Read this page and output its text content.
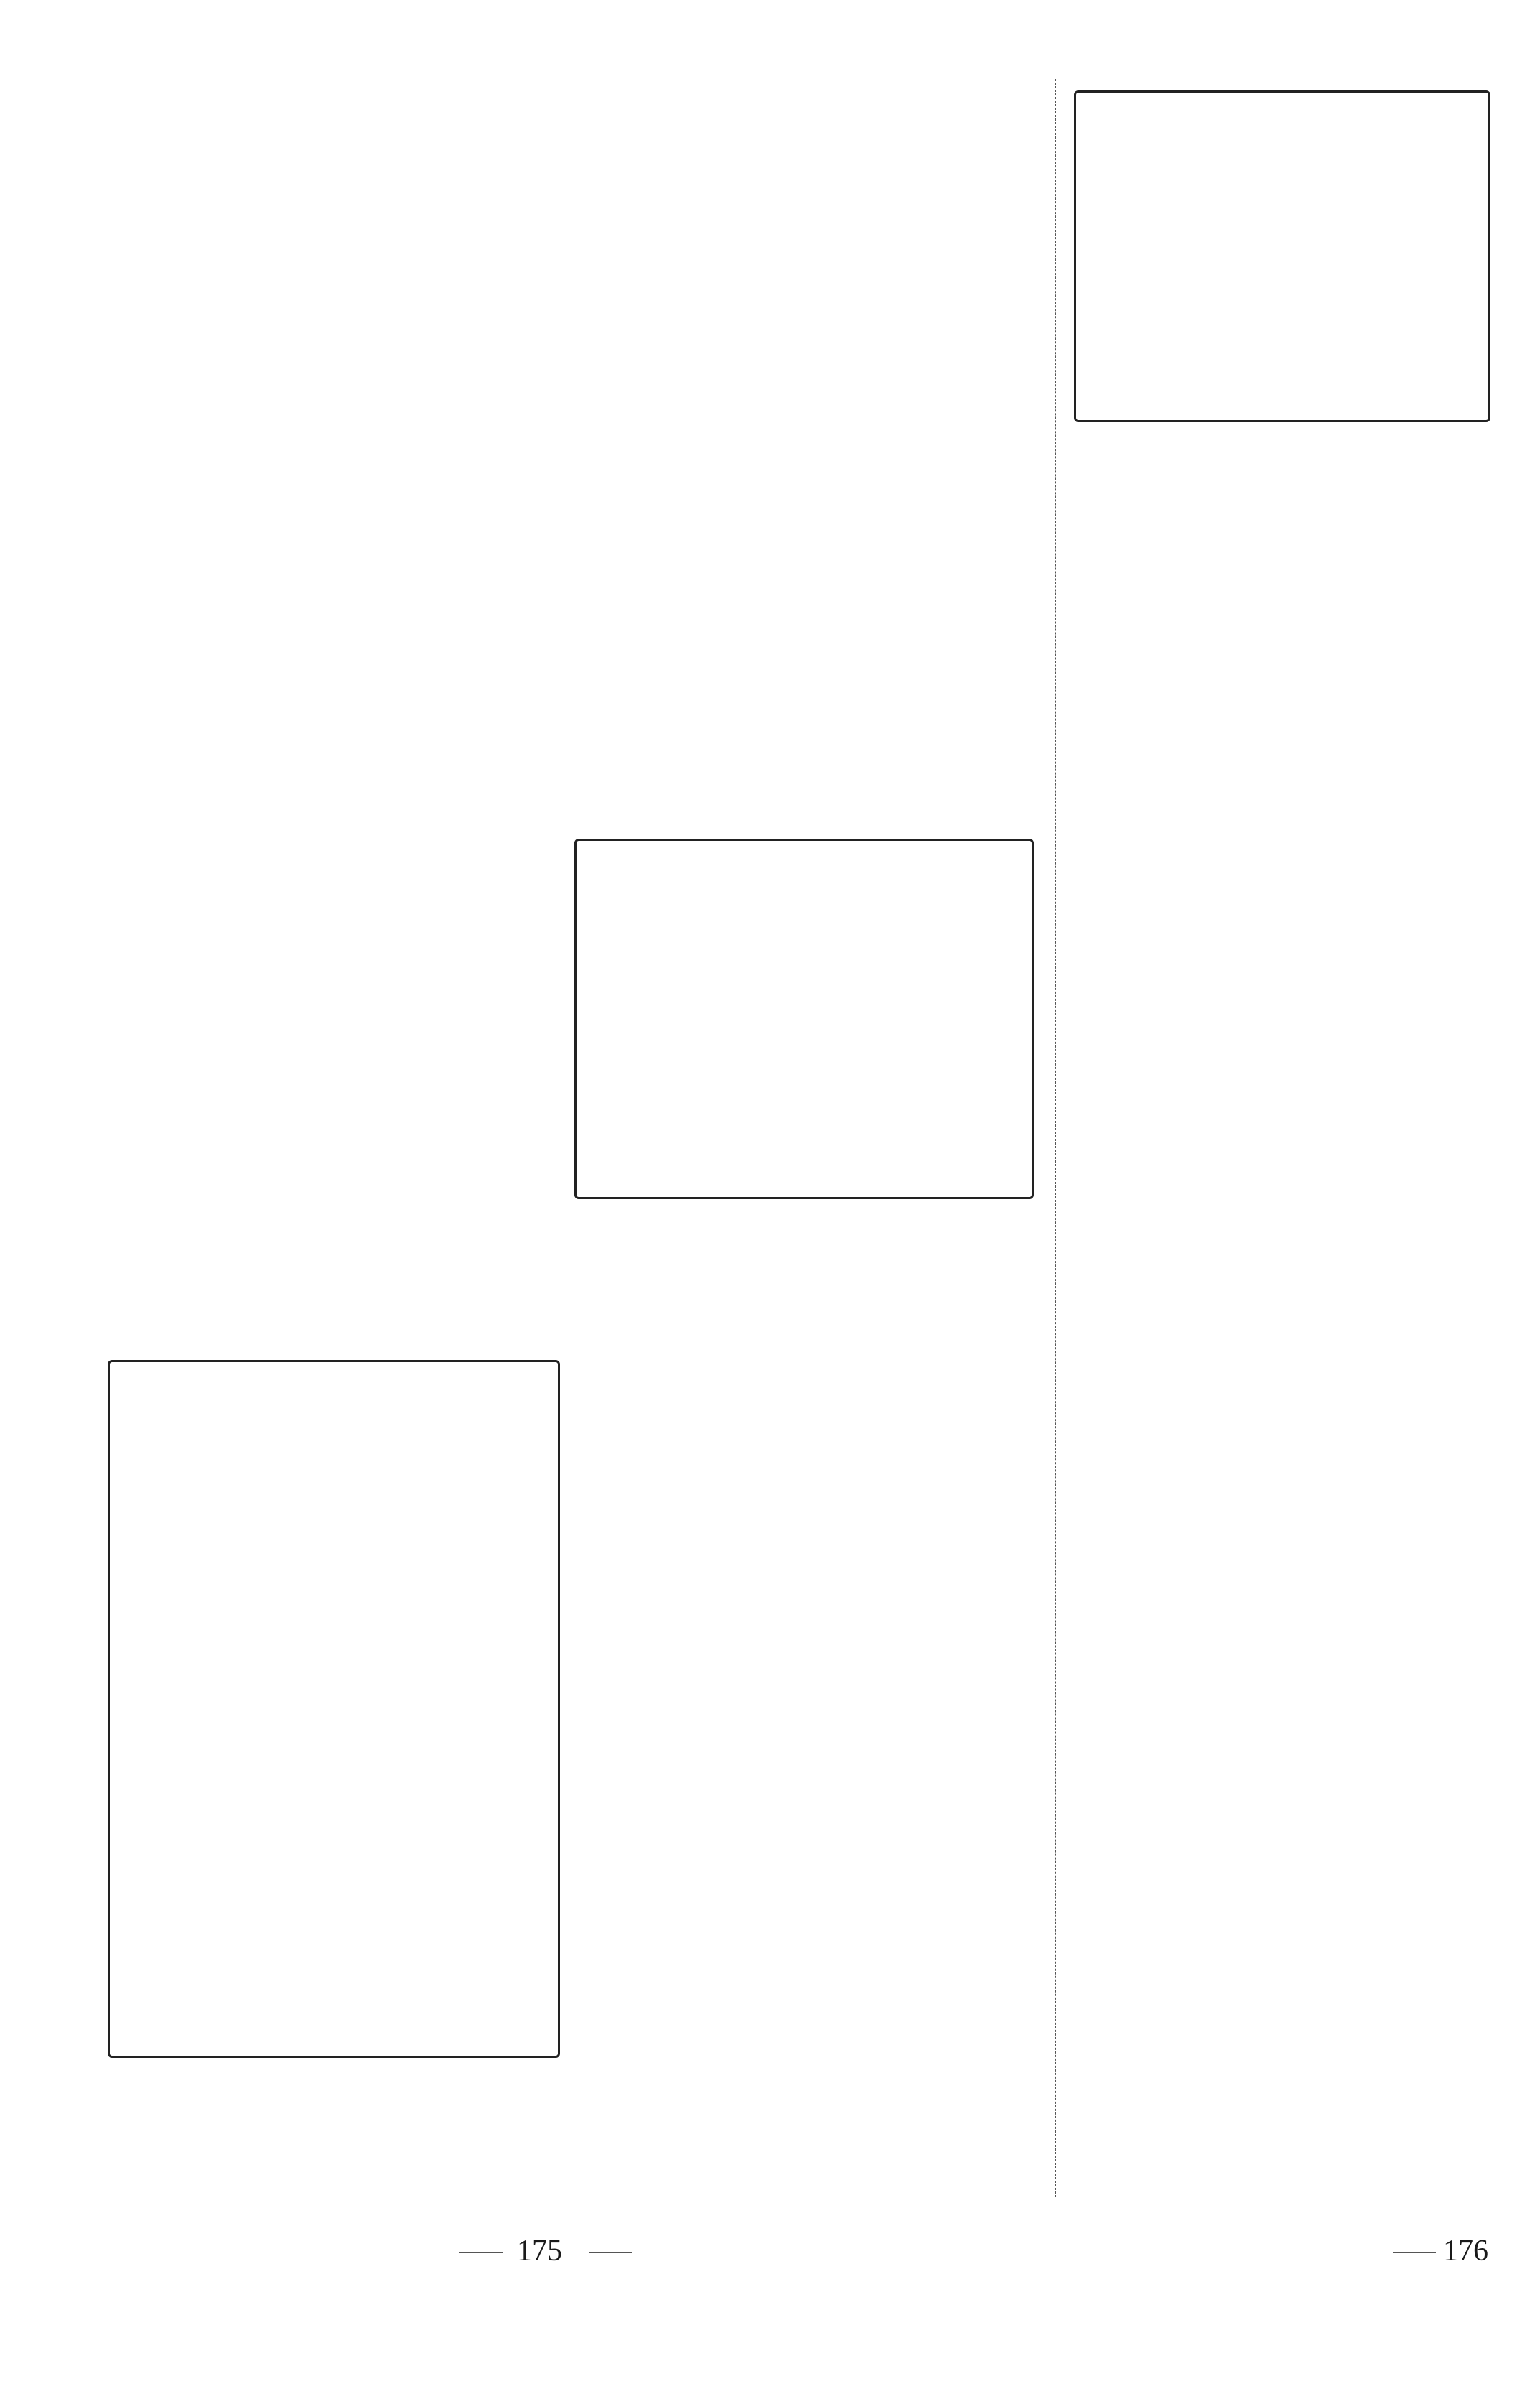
175	176
